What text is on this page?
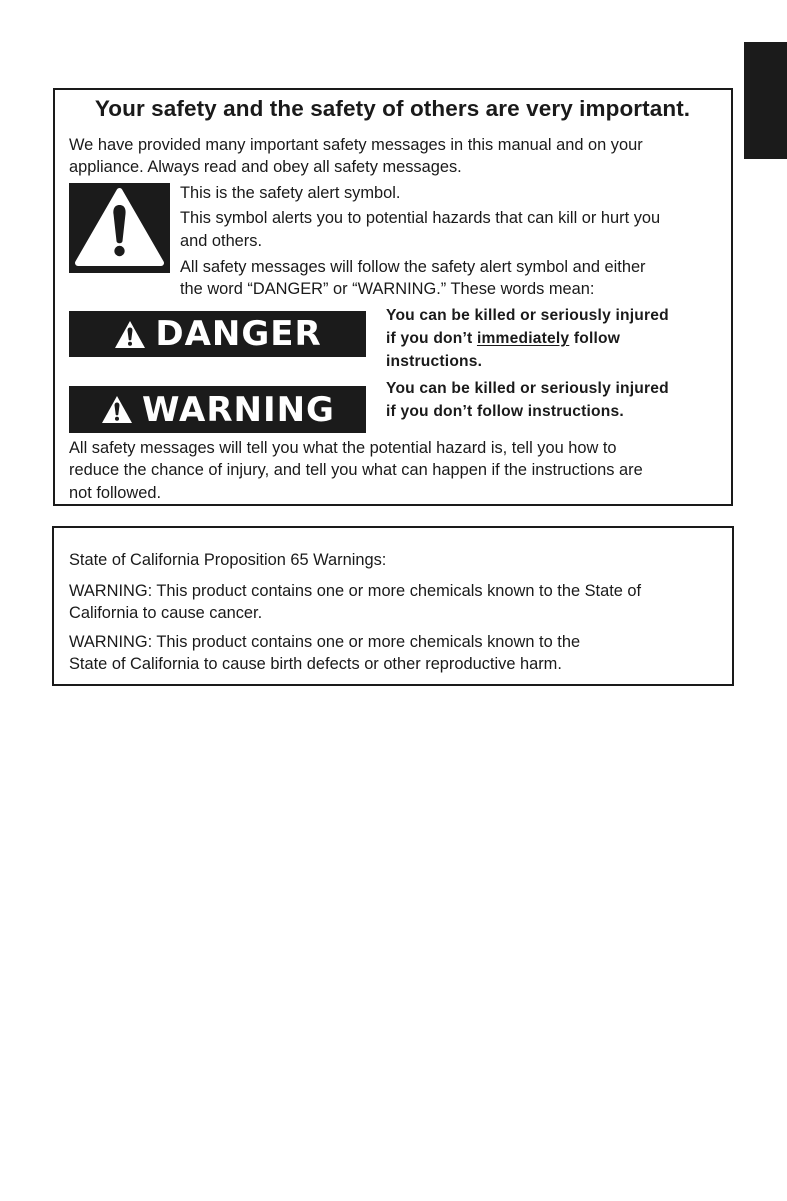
Your safety and the safety of others are very important.
We have provided many important safety messages in this manual and on your
appliance. Always read and obey all safety messages.
This is the safety alert symbol.
This symbol alerts you to potential hazards that can kill or hurt you
and others.
All safety messages will follow the safety alert symbol and either
the word “DANGER” or “WARNING.” These words mean:
DANGER	You can be killed or seriously injured
if you don’t immediately follow
instructions.
WARNING
You can be killed or seriously injured
if you don’t follow instructions.
All safety messages will tell you what the potential hazard is, tell you how to
reduce the chance of injury, and tell you what can happen if the instructions are
not followed.
State of California Proposition 65 Warnings:
WARNING: This product contains one or more chemicals known to the State of
California to cause cancer.
WARNING: This product contains one or more chemicals known to the
State of California to cause birth defects or other reproductive harm.
